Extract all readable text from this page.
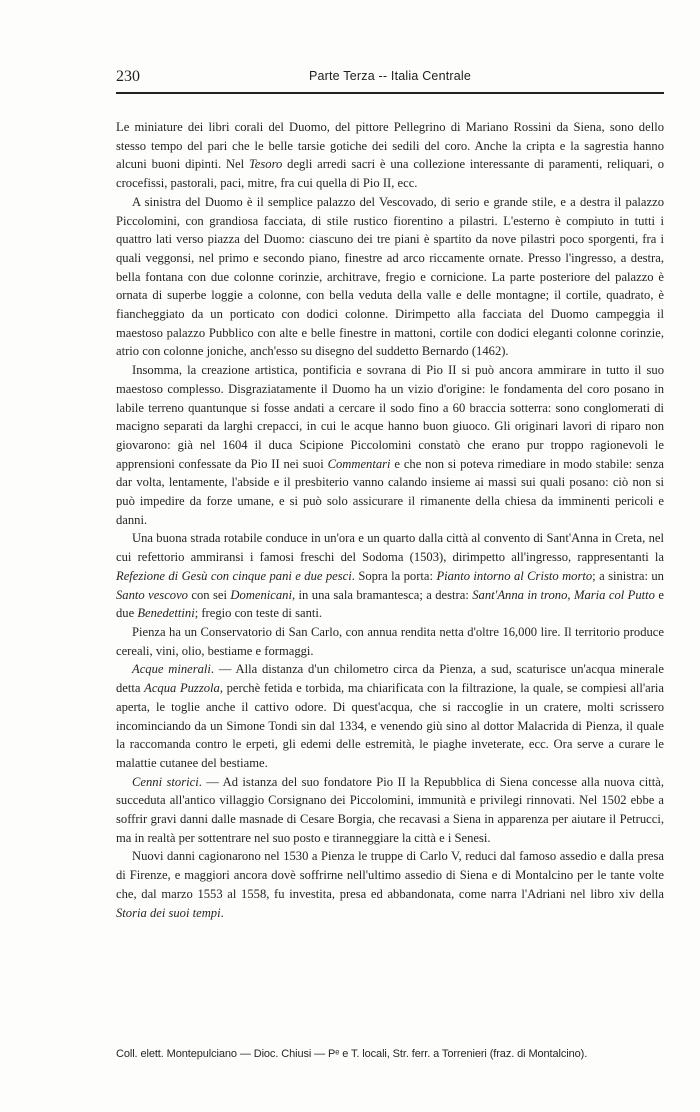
230	Parte Terza -- Italia Centrale

Le miniature dei libri corali del Duomo, del pittore Pellegrino di Mariano Rossini da Siena, sono dello stesso tempo del pari che le belle tarsie gotiche dei sedili del coro. Anche la cripta e la sagrestia hanno alcuni buoni dipinti. Nel Tesoro degli arredi sacri è una collezione interessante di paramenti, reliquari, o crocefissi, pastorali, paci, mitre, fra cui quella di Pio II, ecc.

A sinistra del Duomo è il semplice palazzo del Vescovado, di serio e grande stile, e a destra il palazzo Piccolomini, con grandiosa facciata, di stile rustico fiorentino a pilastri. L'esterno è compiuto in tutti i quattro lati verso piazza del Duomo: ciascuno dei tre piani è spartito da nove pilastri poco sporgenti, fra i quali veggonsi, nel primo e secondo piano, finestre ad arco riccamente ornate. Presso l'ingresso, a destra, bella fontana con due colonne corinzie, architrave, fregio e cornicione. La parte posteriore del palazzo è ornata di superbe loggie a colonne, con bella veduta della valle e delle montagne; il cortile, quadrato, è fiancheggiato da un porticato con dodici colonne. Dirimpetto alla facciata del Duomo campeggia il maestoso palazzo Pubblico con alte e belle finestre in mattoni, cortile con dodici eleganti colonne corinzie, atrio con colonne joniche, anch'esso su disegno del suddetto Bernardo (1462).

Insomma, la creazione artistica, pontificia e sovrana di Pio II si può ancora ammirare in tutto il suo maestoso complesso. Disgraziatamente il Duomo ha un vizio d'origine: le fondamenta del coro posano in labile terreno quantunque si fosse andati a cercare il sodo fino a 60 braccia sotterra: sono conglomerati di macigno separati da larghi crepacci, in cui le acque hanno buon giuoco. Gli originari lavori di riparo non giovarono: già nel 1604 il duca Scipione Piccolomini constatò che erano pur troppo ragionevoli le apprensioni confessate da Pio II nei suoi Commentari e che non si poteva rimediare in modo stabile: senza dar volta, lentamente, l'absidе e il presbiterio vanno calando insieme ai massi sui quali posano: ciò non si può impedire da forze umane, e si può solo assicurare il rimanente della chiesa da imminenti pericoli e danni.

Una buona strada rotabile conduce in un'ora e un quarto dalla città al convento di Sant'Anna in Creta, nel cui refettorio ammiransi i famosi freschi del Sodoma (1503), dirimpetto all'ingresso, rappresentanti la Refezione di Gesù con cinque pani e due pesci. Sopra la porta: Pianto intorno al Cristo morto; a sinistra: un Santo vescovo con sei Domenicani, in una sala bramantesca; a destra: Sant'Anna in trono, Maria col Putto e due Benedettini; fregio con teste di santi.

Pienza ha un Conservatorio di San Carlo, con annua rendita netta d'oltre 16,000 lire. Il territorio produce cereali, vini, olio, bestiame e formaggi.

Acque minerali. — Alla distanza d'un chilometro circa da Pienza, a sud, scaturisce un'acqua minerale detta Acqua Puzzola, perchè fetida e torbida, ma chiarificata con la filtrazione, la quale, se compiesi all'aria aperta, le toglie anche il cattivo odore. Di quest'acqua, che si raccoglie in un cratere, molti scrissero incominciando da un Simone Tondi sin dal 1334, e venendo giù sino al dottor Malacrida di Pienza, il quale la raccomanda contro le erpeti, gli edemi delle estremità, le piaghe inveterate, ecc. Ora serve a curare le malattie cutanee del bestiame.

Cenni storici. — Ad istanza del suo fondatore Pio II la Repubblica di Siena concesse alla nuova città, succeduta all'antico villaggio Corsignano dei Piccolomini, immunità e privilegi rinnovati. Nel 1502 ebbe a soffrir gravi danni dalle masnade di Cesare Borgia, che recavasi a Siena in apparenza per aiutare il Petrucci, ma in realtà per sottentrare nel suo posto e tiranneggiare la città e i Senesi.

Nuovi danni cagionarono nel 1530 a Pienza le truppe di Carlo V, reduci dal famoso assedio e dalla presa di Firenze, e maggiori ancora dovè soffrirne nell'ultimo assedio di Siena e di Montalcino per le tante volte che, dal marzo 1553 al 1558, fu investita, presa ed abbandonata, come narra l'Adriani nel libro xiv della Storia dei suoi tempi.

Coll. elett. Montepulciano — Dioc. Chiusi — Pᵉ e T. locali, Str. ferr. a Torrenieri (fraz. di Montalcino).
